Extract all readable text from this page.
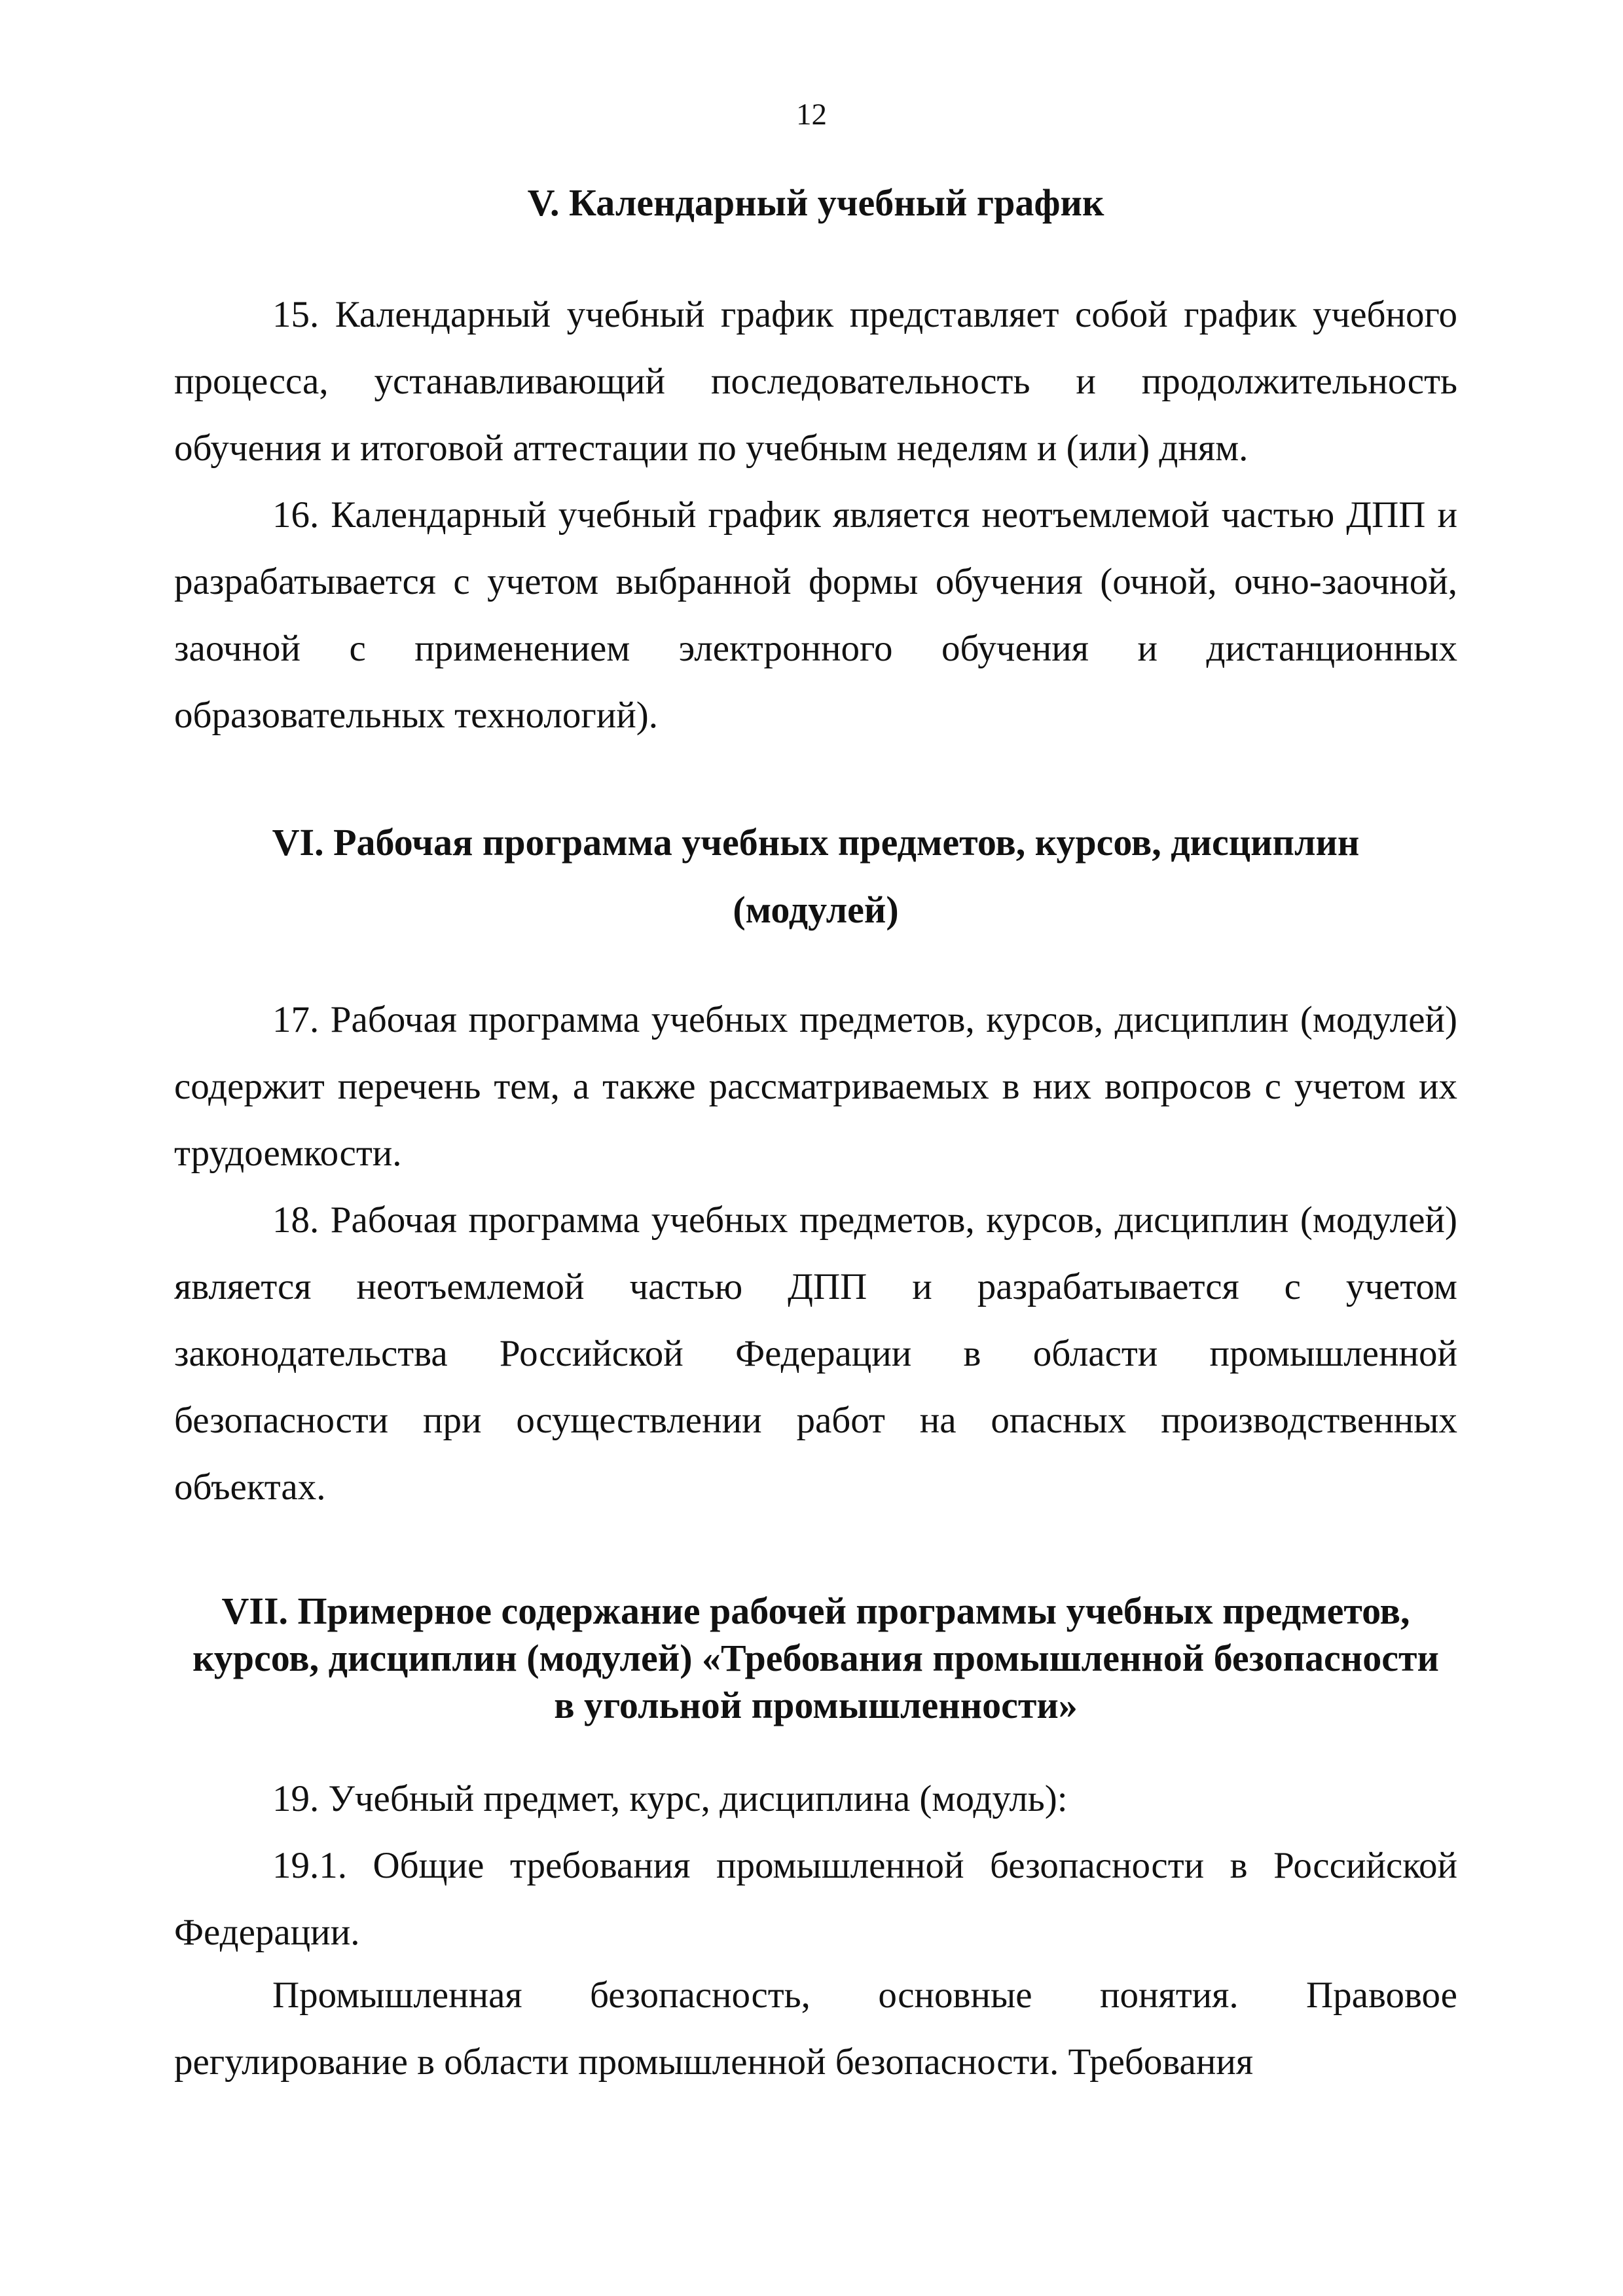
12
V. Календарный учебный график

15. Календарный учебный график представляет собой график учебного процесса, устанавливающий последовательность и продолжительность обучения и итоговой аттестации по учебным неделям и (или) дням.

16. Календарный учебный график является неотъемлемой частью ДПП и разрабатывается с учетом выбранной формы обучения (очной, очно-заочной, заочной с применением электронного обучения и дистанционных образовательных технологий).

VI. Рабочая программа учебных предметов, курсов, дисциплин
(модулей)

17. Рабочая программа учебных предметов, курсов, дисциплин (модулей) содержит перечень тем, а также рассматриваемых в них вопросов с учетом их трудоемкости.

18. Рабочая программа учебных предметов, курсов, дисциплин (модулей) является неотъемлемой частью ДПП и разрабатывается с учетом законодательства Российской Федерации в области промышленной безопасности при осуществлении работ на опасных производственных объектах.

VII. Примерное содержание рабочей программы учебных предметов,
курсов, дисциплин (модулей) «Требования промышленной безопасности
в угольной промышленности»

19. Учебный предмет, курс, дисциплина (модуль):

19.1. Общие требования промышленной безопасности в Российской Федерации.

Промышленная безопасность, основные понятия. Правовое регулирование в области промышленной безопасности. Требования
